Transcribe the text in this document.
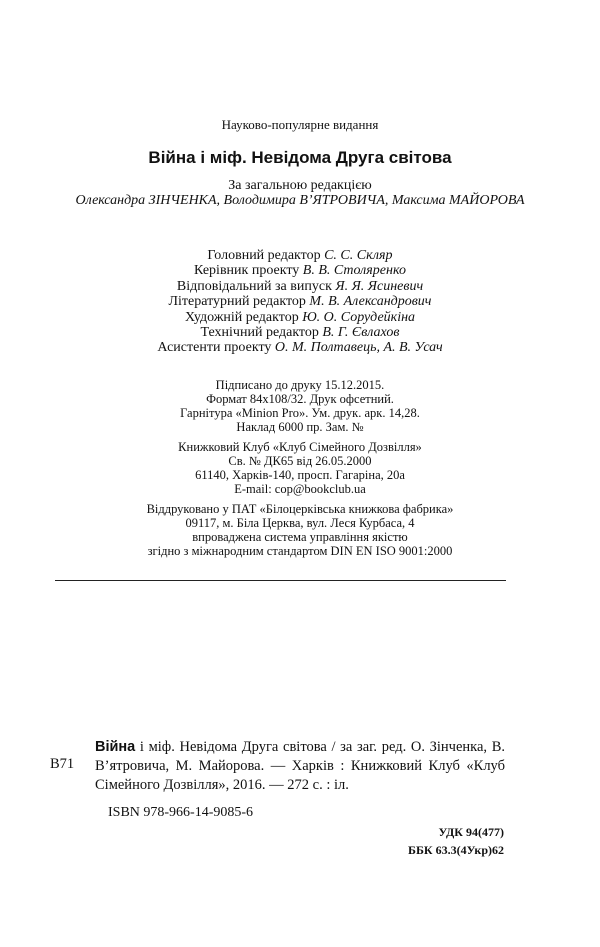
Науково-популярне видання
Війна і міф. Невідома Друга світова
За загальною редакцією
Олександра ЗІНЧЕНКА, Володимира В’ЯТРОВИЧА, Максима МАЙОРОВА
Головний редактор С. С. Скляр
Керівник проекту В. В. Столяренко
Відповідальний за випуск Я. Я. Ясиневич
Літературний редактор М. В. Александрович
Художній редактор Ю. О. Сорудейкіна
Технічний редактор В. Г. Євлахов
Асистенти проекту О. М. Полтавець, А. В. Усач
Підписано до друку 15.12.2015.
Формат 84x108/32. Друк офсетний.
Гарнітура «Minion Pro». Ум. друк. арк. 14,28.
Наклад 6000 пр. Зам. №
Книжковий Клуб «Клуб Сімейного Дозвілля»
Св. № ДК65 від 26.05.2000
61140, Харків-140, просп. Гагаріна, 20а
E-mail: cop@bookclub.ua
Віддруковано у ПАТ «Білоцерківська книжкова фабрика»
09117, м. Біла Церква, вул. Леся Курбаса, 4
впроваджена система управління якістю
згідно з міжнародним стандартом DIN EN ISO 9001:2000
В71
Війна і міф. Невідома Друга світова / за заг. ред. О. Зінченка, В. В’ятровича, М. Майорова. — Харків : Книжковий Клуб «Клуб Сімейного Дозвілля», 2016. — 272 с. : іл.
ISBN 978-966-14-9085-6
УДК 94(477)
ББК 63.3(4Укр)62
